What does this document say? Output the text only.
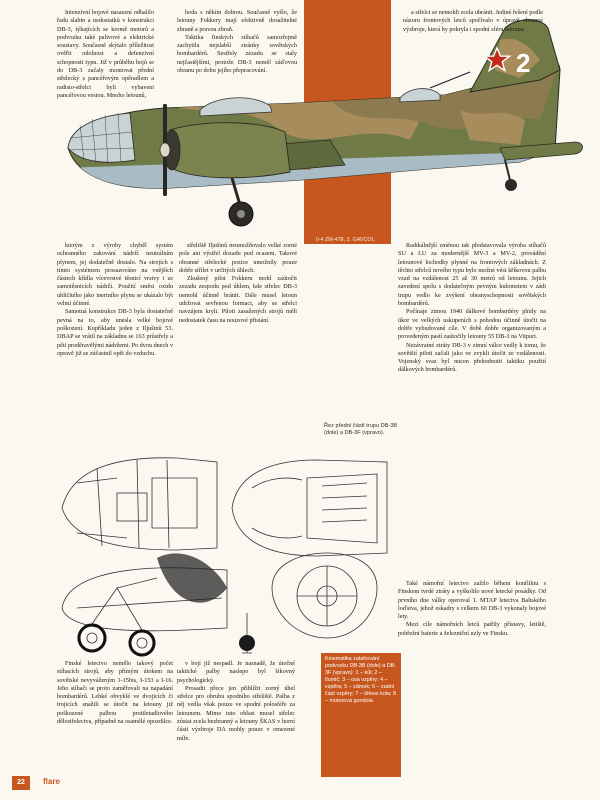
2

Intenzivní bojové nasazení odhalilo řadu slabin a nedostatků v konstrukci DB-3, týkajících se kromě motorů a podvozku také palivové a elektrické soustavy. Současně skýtalo příležitost ověřit odolnost a defenzivní schopnosti typu. Již v průběhu bojů se do DB-3 začaly montovat přední střelecký s pancéřovým opěradlem a radisto-střelci byli vybaveni pancéřovou vestou. Mnoho letounů,

hoda s někím dobrou. Současně vyšlo, že letouny Fokkery mají efektivně dosažitelné zbraně a pravou zbraň.

Taktika finských stíhačů samozřejmě zachytila nejslabší stránky sovětských bombardérů. Sestřely zezadu se staly nejčastějšími, protože DB-3 neměl záďovou obranu po dobu jejího přepracování.

a střelci se nemohli zcela ubránit. Jediné řešení podle názoru frontových letců spočívalo v úpravě obranné výzbroje, která by pokryla i spodní sféru letounu.

Il-4 ZM-478, 3. GAVCOL

kterým z výroby chyběl systém ochranného zakování nádrží neutrálním plynem, jej dodatečně dostalo. Na strojích s tímto systémem prosazováno na vnějších částech křídla vícevrstvé těsnicí vrstvy i ze samotěsnicích nádrží. Použití směsi oxidu uhličitého jako inertního plynu se ukázalo být velmi účinné.

Samotná konstrukce DB-3 byla dostatečně pevná na to, aby unesla velké bojové poškození. Kupříkladu jeden z Iljušinů 53. DBAP se vrátil na základnu se 163 průstřely a pěti proděravělými nádržemi. Po dvou dnech v opravě již se zúčastnil opět do vzduchu.

střeliště Iljušinů neumožňovalo velké zorné pole ani výstřel dozadu pod ocasem. Takové obranné střelecké pozice umožnily pouze dobře střílet v určitých úhlech.

Zkušený pilot Fokkeru mohl zaútočit zezadu zespodu pod úhlem, kde střelec DB-3 nemohl účinně bránit. Dále musel letoun udržovat sevřenou formaci, aby se střelci navzájem kryli. Piloti zasažených strojů měli nedostatek času na nouzové přistání.

Radikálnější změnou tak představovala výroba stíhačů SU a LU za modernější MV-3 a MV-2, provádění letounové lochodky plynné na frontových základnách. Z těchto střelců nového typu bylo možné vést kříkovou palbu vzad na vzdálenost 25 až 30 metrů od letounu. Jejich zavedení spolu s dodatečným pevným kulometem v zádi trupu vedlo ke zvýšení obranyschopnosti sovětských bombardérů.

Počínaje zimou 1940 dálkové bombardéry plnily na úkor ve velkých uskupeních s pohodou účinně útočit na dobře vybudované cíle. V době dobře organizovaným a provedeným pastí zaútočily letouny 55 DB-3 na Viipuri.

Nezávratné ztráty DB-3 v zimní válce vedly k tomu, že sovětští piloti začali jako ve zvykli útočit ze vzdálenosti. Vojenský svaz byl nucen přehodnotit taktiku použití dálkových bombardérů.

Řez přední částí trupu DB-3B (dole) a DB-3F (vpravo).

Finské letectvo nemělo takový počet stíhacích strojů, aby přímým útokem na sovětské nevyváženým 1-15bis, I-153 a I-16. Jeho stíhači se proto zaměřovali na napadání bombardérů. Lehké obvyklé ve dvojicích či trojicích snažili se útočit na letouny již poškozené palbou protiletadlového dělostřelectva, případně na osamělé opozdilce.

v boji již nespadl. Je nasnadě, že útočné taktické palby naslepo byl šikovný psychologický.

Prosadit přece jen přiblížit zorný úhel střelce pro obrubu spodního střeliště. Palba z něj vedla však pouze ve spodní polosféře za letounem. Mimo tuto oblast musel střelec zůstat zcela bezbranný a letouny ŠKAS v horní části výzbroje DA mohly pouze v omezené míře.

Také námořní letectvo zažilo během konfliktu s Finskem tvrdé ztráty a vyškolilo nové letecké posádky. Od prvního dne války operoval 1. MTAP letectva Baltského loďstva, jehož eskadry s celkem 60 DB-3 vykonaly bojové lety.

Mezi cíle námořních letců patřily přístavy, letiště, pobřežní baterie a železniční uzly ve Finsku.

Kinematika zatahování podvozku DB-3B (dole) a DB-3F (vpravo): 1 – kůl; 2 – tlumič; 3 – osa vzpěry; 4 – vzpěra; 5 – zámek; 6 – zadní část vzpěry; 7 – těleso kola; 8 – motorová gondola.
22	flare
